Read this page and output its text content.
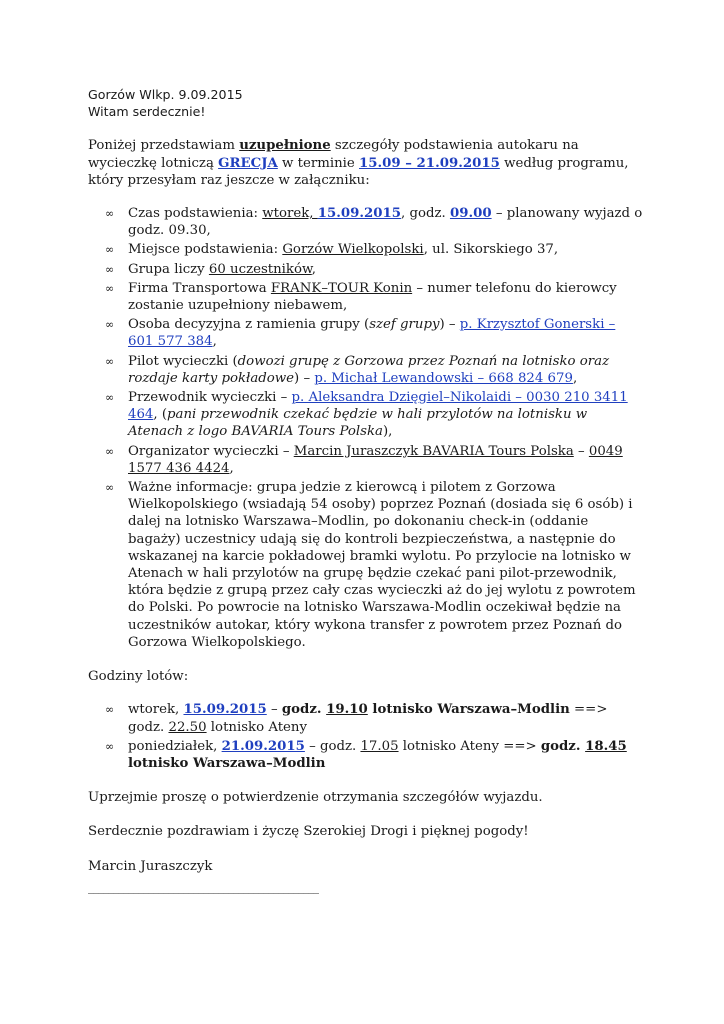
Gorzów Wlkp. 9.09.2015

Witam serdecznie!

Poniżej przedstawiam uzupełnione szczegóły podstawienia autokaru na wycieczkę lotniczą GRECJA w terminie 15.09 – 21.09.2015 według programu, który przesyłam raz jeszcze w załączniku:

∞ Czas podstawienia: wtorek, 15.09.2015, godz. 09.00 – planowany wyjazd o godz. 09.30,
∞ Miejsce podstawienia: Gorzów Wielkopolski, ul. Sikorskiego 37,
∞ Grupa liczy 60 uczestników,
∞ Firma Transportowa FRANK–TOUR Konin – numer telefonu do kierowcy zostanie uzupełniony niebawem,
∞ Osoba decyzyjna z ramienia grupy (szef grupy) – p. Krzysztof Gonerski – 601 577 384,
∞ Pilot wycieczki (dowozi grupę z Gorzowa przez Poznań na lotnisko oraz rozdaje karty pokładowe) – p. Michał Lewandowski – 668 824 679,
∞ Przewodnik wycieczki – p. Aleksandra Dzięgiel–Nikolaidi – 0030 210 3411 464, (pani przewodnik czekać będzie w hali przylotów na lotnisku w Atenach z logo BAVARIA Tours Polska),
∞ Organizator wycieczki – Marcin Juraszczyk BAVARIA Tours Polska – 0049 1577 436 4424,
∞ Ważne informacje: grupa jedzie z kierowcą i pilotem z Gorzowa Wielkopolskiego (wsiadają 54 osoby) poprzez Poznań (dosiada się 6 osób) i dalej na lotnisko Warszawa–Modlin, po dokonaniu check-in (oddanie bagaży) uczestnicy udają się do kontroli bezpieczeństwa, a następnie do wskazanej na karcie pokładowej bramki wylotu. Po przylocie na lotnisko w Atenach w hali przylotów na grupę będzie czekać pani pilot-przewodnik, która będzie z grupą przez cały czas wycieczki aż do jej wylotu z powrotem do Polski. Po powrocie na lotnisko Warszawa-Modlin oczekiwał będzie na uczestników autokar, który wykona transfer z powrotem przez Poznań do Gorzowa Wielkopolskiego.

Godziny lotów:

∞ wtorek, 15.09.2015 – godz. 19.10 lotnisko Warszawa–Modlin ==> godz. 22.50 lotnisko Ateny
∞ poniedziałek, 21.09.2015 – godz. 17.05 lotnisko Ateny ==> godz. 18.45 lotnisko Warszawa–Modlin

Uprzejmie proszę o potwierdzenie otrzymania szczegółów wyjazdu.

Serdecznie pozdrawiam i życzę Szerokiej Drogi i pięknej pogody!

Marcin Juraszczyk

______________________________________________
